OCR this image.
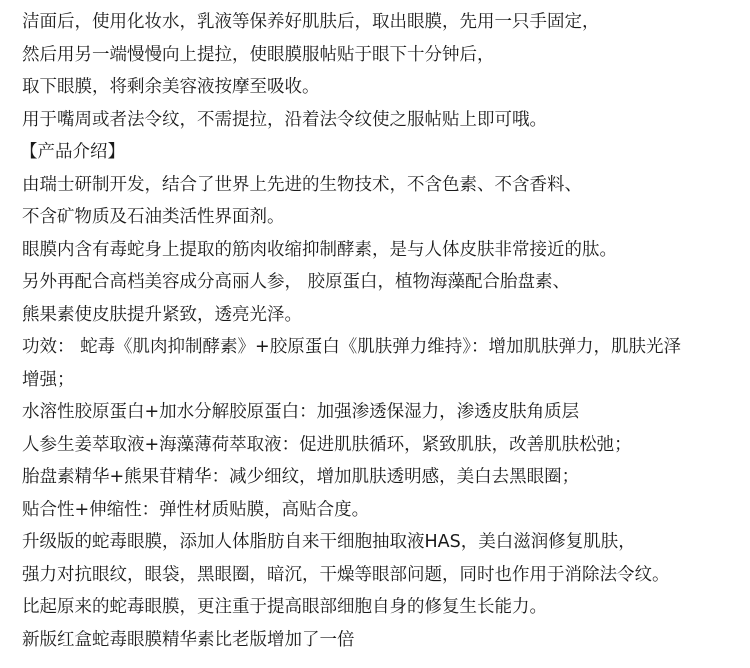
洁面后，使用化妆水，乳液等保养好肌肤后，取出眼膜，先用一只手固定，
然后用另一端慢慢向上提拉，使眼膜服帖贴于眼下十分钟后，
取下眼膜，将剩余美容液按摩至吸收。
用于嘴周或者法令纹，不需提拉，沿着法令纹使之服帖贴上即可哦。
【产品介绍】
由瑞士研制开发，结合了世界上先进的生物技术，不含色素、不含香料、
不含矿物质及石油类活性界面剂。
眼膜内含有毒蛇身上提取的筋肉收缩抑制酵素，是与人体皮肤非常接近的肽。
另外再配合高档美容成分高丽人参， 胶原蛋白，植物海藻配合胎盘素、
熊果素使皮肤提升紧致，透亮光泽。
功效： 蛇毒《肌肉抑制酵素》+胶原蛋白《肌肤弹力维持》：增加肌肤弹力，肌肤光泽
增强；
水溶性胶原蛋白+加水分解胶原蛋白：加强渗透保湿力，渗透皮肤角质层
人参生姜萃取液+海藻薄荷萃取液：促进肌肤循环，紧致肌肤，改善肌肤松弛；
胎盘素精华+熊果苷精华：减少细纹，增加肌肤透明感，美白去黑眼圈；
贴合性+伸缩性：弹性材质贴膜，高贴合度。
升级版的蛇毒眼膜，添加人体脂肪自来干细胞抽取液HAS，美白滋润修复肌肤，
强力对抗眼纹，眼袋，黑眼圈，暗沉，干燥等眼部问题，同时也作用于消除法令纹。
比起原来的蛇毒眼膜，更注重于提高眼部细胞自身的修复生长能力。
新版红盒蛇毒眼膜精华素比老版增加了一倍
